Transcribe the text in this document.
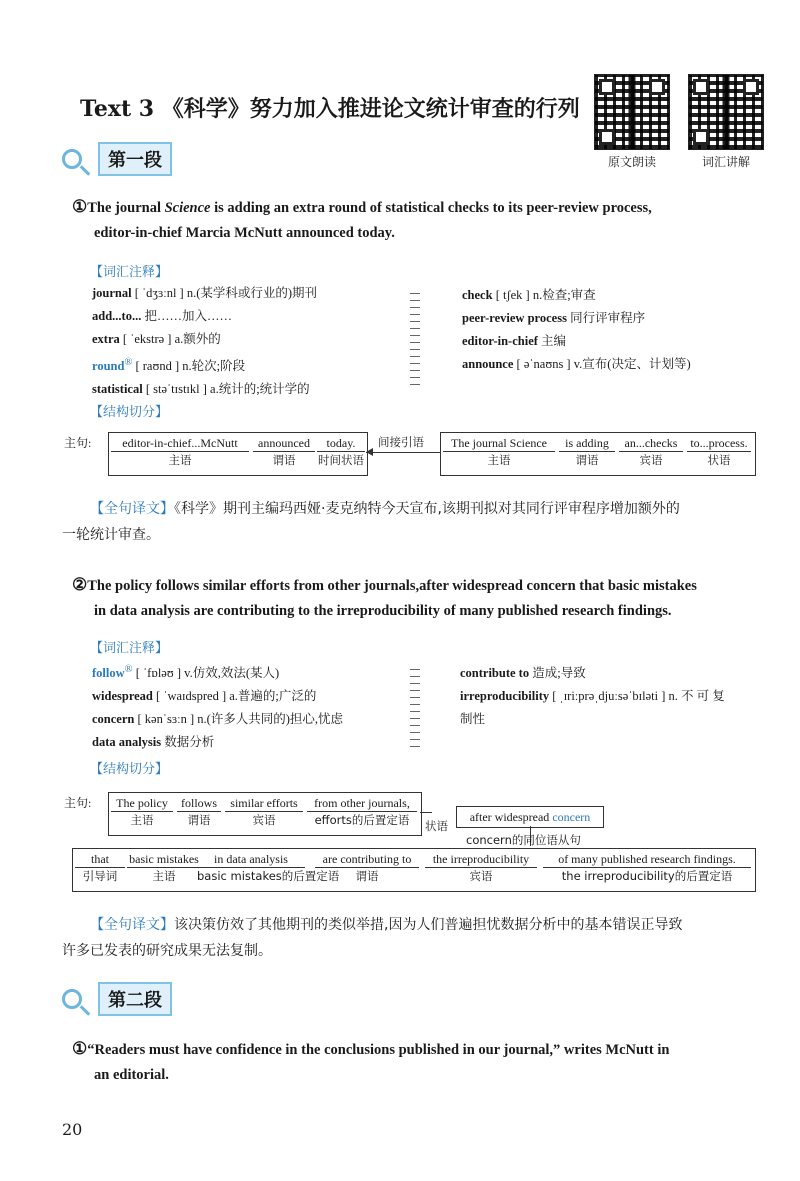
Text 3 《科学》努力加入推进论文统计审查的行列
原文朗读	词汇讲解
第一段
①The journal Science is adding an extra round of statistical checks to its peer-review process,
editor-in-chief Marcia McNutt announced today.
【词汇注释】
journal [ ˈdʒɜːnl ] n.(某学科或行业的)期刊
add...to... 把……加入……
extra [ ˈekstrə ] a.额外的
round® [ raʊnd ] n.轮次;阶段
statistical [ stəˈtɪstɪkl ] a.统计的;统计学的
check [ tʃek ] n.检查;审查
peer-review process 同行评审程序
editor-in-chief 主编
announce [ əˈnaʊns ] v.宣布(决定、计划等)
【结构切分】
主句:	editor-in-chief...McNutt
主语
announced
谓语
today.
时间状语
间接引语	The journal Science
主语
is adding
谓语
an...checks
宾语
to...process.
状语
【全句译文】《科学》期刊主编玛西娅·麦克纳特今天宣布,该期刊拟对其同行评审程序增加额外的
一轮统计审查。
②The policy follows similar efforts from other journals,after widespread concern that basic mistakes
in data analysis are contributing to the irreproducibility of many published research findings.
【词汇注释】
follow® [ ˈfɒləʊ ] v.仿效,效法(某人)
widespread [ ˈwaɪdspred ] a.普遍的;广泛的
concern [ kənˈsɜːn ] n.(许多人共同的)担心,忧虑
data analysis 数据分析
contribute to 造成;导致
irreproducibility [ ˌɪriːprəˌdjuːsəˈbɪləti ] n. 不 可 复
制性
【结构切分】
主句:	The policy
主语
follows
谓语
similar efforts
宾语
from other journals,
efforts的后置定语	状语
after widespread concern
concern的同位语从句
that
引导词
basic mistakes
主语
in data analysis
basic mistakes的后置定语
are contributing to
谓语
the irreproducibility
宾语
of many published research findings.
the irreproducibility的后置定语
【全句译文】该决策仿效了其他期刊的类似举措,因为人们普遍担忧数据分析中的基本错误正导致
许多已发表的研究成果无法复制。
第二段
①“Readers must have confidence in the conclusions published in our journal,” writes McNutt in
an editorial.
20
